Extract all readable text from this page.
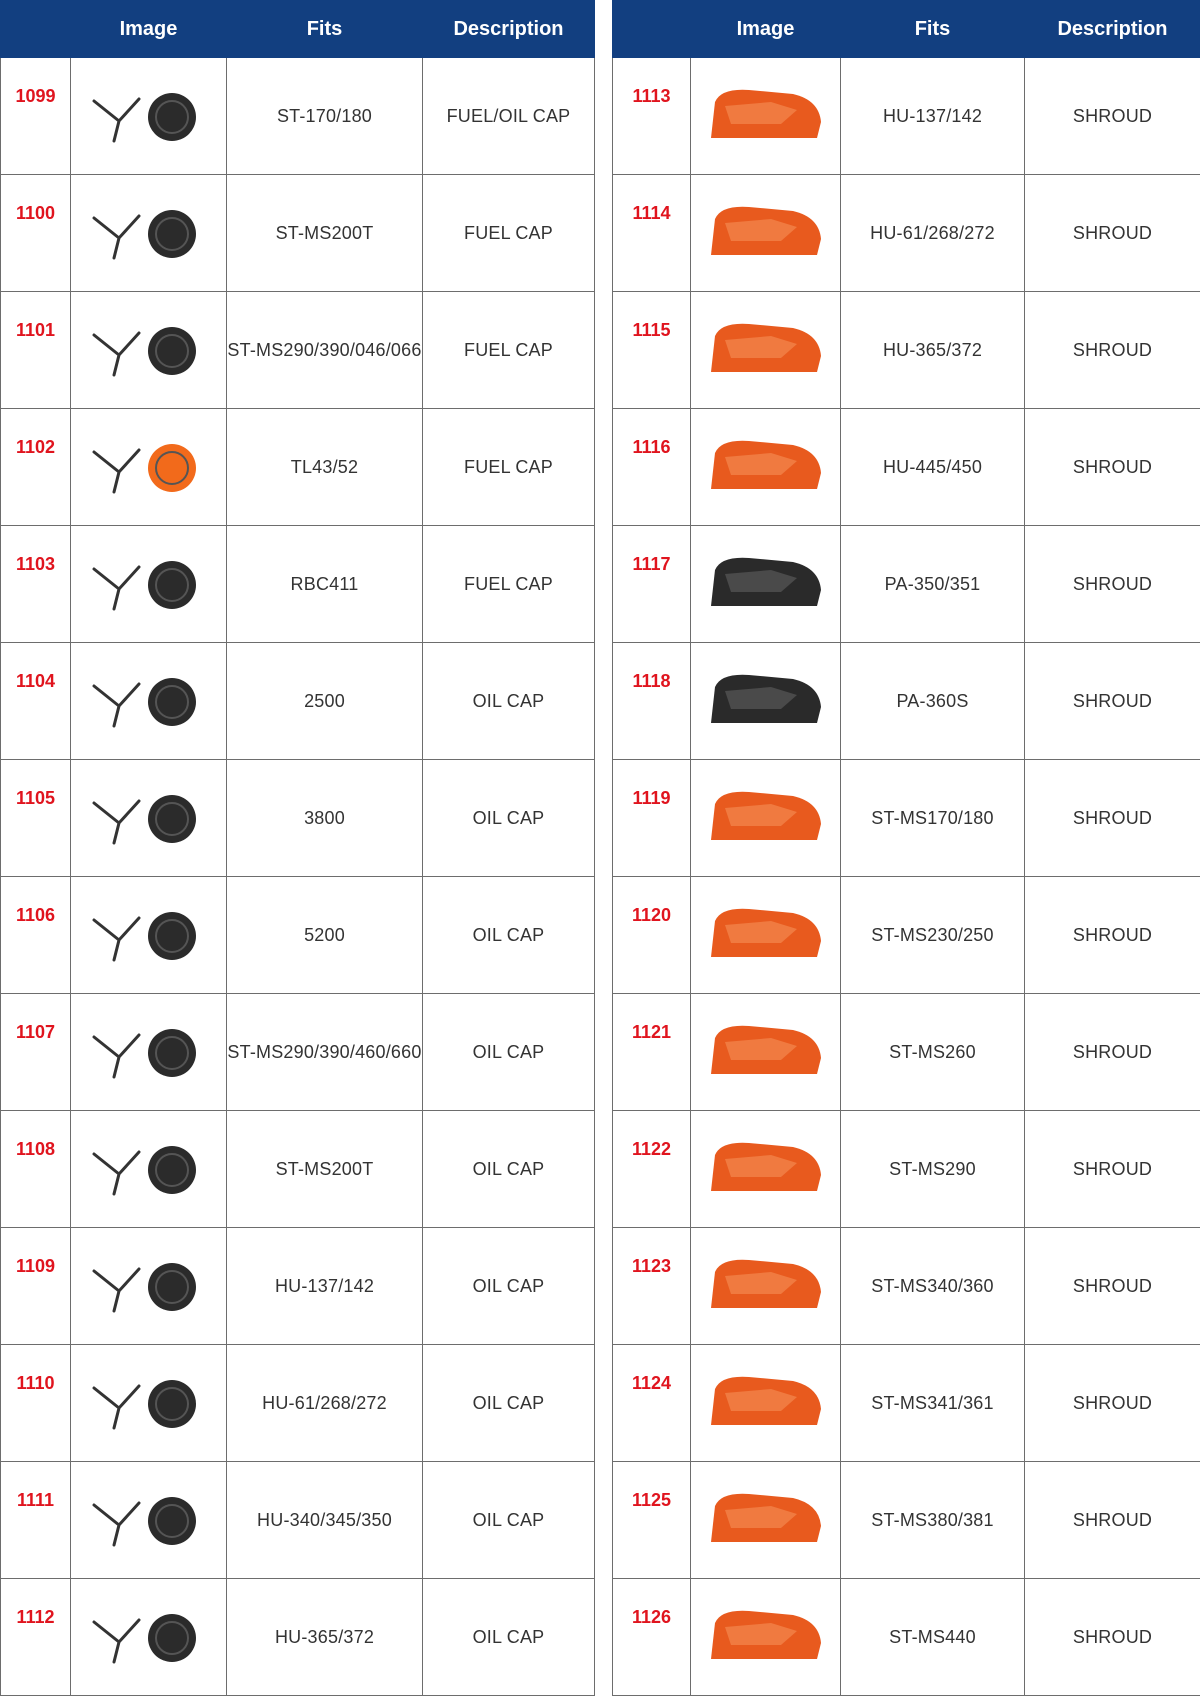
	Image	Fits	Description
1099		ST-170/180	FUEL/OIL CAP
1100		ST-MS200T	FUEL CAP
1101		ST-MS290/390/046/066	FUEL CAP
1102		TL43/52	FUEL CAP
1103		RBC411	FUEL CAP
1104		2500	OIL CAP
1105		3800	OIL CAP
1106		5200	OIL CAP
1107		ST-MS290/390/460/660	OIL CAP
1108		ST-MS200T	OIL CAP
1109		HU-137/142	OIL CAP
1110		HU-61/268/272	OIL CAP
1111		HU-340/345/350	OIL CAP
1112		HU-365/372	OIL CAP
	Image	Fits	Description
1113		HU-137/142	SHROUD
1114		HU-61/268/272	SHROUD
1115		HU-365/372	SHROUD
1116		HU-445/450	SHROUD
1117		PA-350/351	SHROUD
1118		PA-360S	SHROUD
1119		ST-MS170/180	SHROUD
1120		ST-MS230/250	SHROUD
1121		ST-MS260	SHROUD
1122		ST-MS290	SHROUD
1123		ST-MS340/360	SHROUD
1124		ST-MS341/361	SHROUD
1125		ST-MS380/381	SHROUD
1126		ST-MS440	SHROUD
